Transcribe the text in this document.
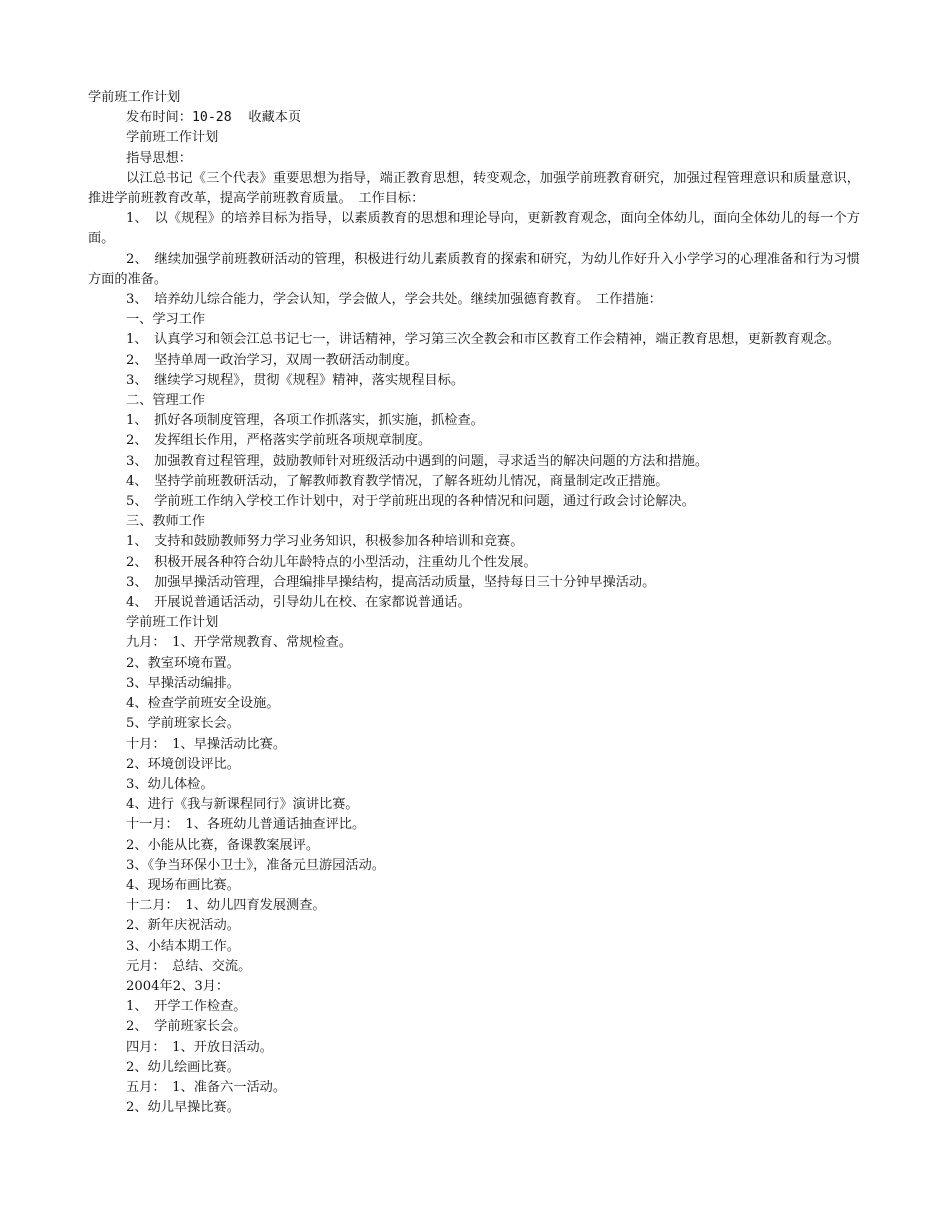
学前班工作计划

发布时间：10-28 收藏本页

学前班工作计划

指导思想：

以江总书记《三个代表》重要思想为指导，端正教育思想，转变观念，加强学前班教育研究，加强过程管理意识和质量意识，推进学前班教育改革，提高学前班教育质量。　工作目标：

1、　以《规程》的培养目标为指导，以素质教育的思想和理论导向，更新教育观念，面向全体幼儿，面向全体幼儿的每一个方面。

2、　继续加强学前班教研活动的管理，积极进行幼儿素质教育的探索和研究，为幼儿作好升入小学学习的心理准备和行为习惯方面的准备。

3、　培养幼儿综合能力，学会认知，学会做人，学会共处。继续加强德育教育。　工作措施：

一、学习工作

1、　认真学习和领会江总书记七一，讲话精神，学习第三次全教会和市区教育工作会精神，端正教育思想，更新教育观念。

2、　坚持单周一政治学习，双周一教研活动制度。

3、　继续学习规程》，贯彻《规程》精神，落实规程目标。

二、管理工作

1、　抓好各项制度管理，各项工作抓落实，抓实施，抓检查。

2、　发挥组长作用，严格落实学前班各项规章制度。

3、　加强教育过程管理，鼓励教师针对班级活动中遇到的问题，寻求适当的解决问题的方法和措施。

4、　坚持学前班教研活动，了解教师教育教学情况，了解各班幼儿情况，商量制定改正措施。

5、　学前班工作纳入学校工作计划中，对于学前班出现的各种情况和问题，通过行政会讨论解决。

三、教师工作

1、　支持和鼓励教师努力学习业务知识，积极参加各种培训和竞赛。

2、　积极开展各种符合幼儿年龄特点的小型活动，注重幼儿个性发展。

3、　加强早操活动管理，合理编排早操结构，提高活动质量，坚持每日三十分钟早操活动。

4、　开展说普通话活动，引导幼儿在校、在家都说普通话。

学前班工作计划

九月：　1、开学常规教育、常规检查。

2、教室环境布置。

3、早操活动编排。

4、检查学前班安全设施。

5、学前班家长会。

十月：　1、早操活动比赛。

2、环境创设评比。

3、幼儿体检。

4、进行《我与新课程同行》演讲比赛。

十一月：　1、各班幼儿普通话抽查评比。

2、小能从比赛，备课教案展评。

3、《争当环保小卫士》，准备元旦游园活动。

4、现场布画比赛。

十二月：　1、幼儿四育发展测查。

2、新年庆祝活动。

3、小结本期工作。

元月：　总结、交流。

2004年2、3月：

1、　开学工作检查。

2、　学前班家长会。

四月：　1、开放日活动。

2、幼儿绘画比赛。

五月：　1、准备六一活动。

2、幼儿早操比赛。
